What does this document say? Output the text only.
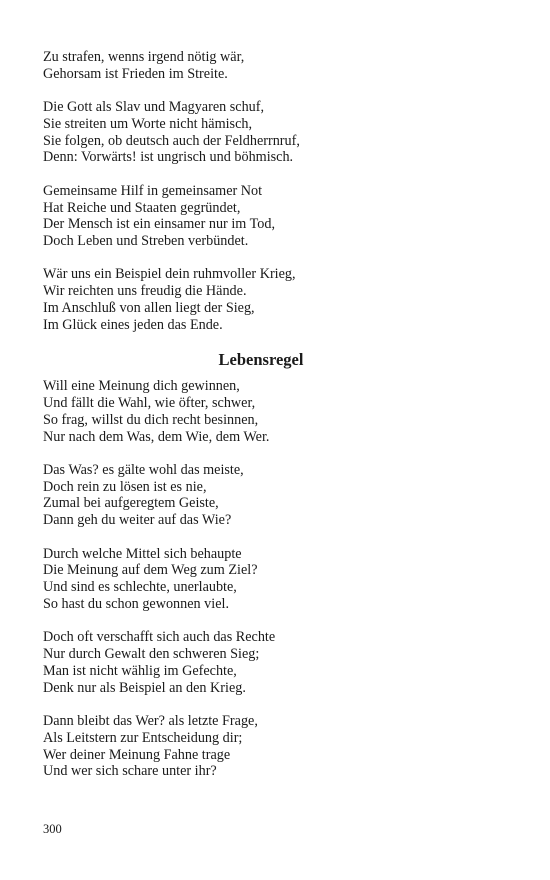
Zu strafen, wenns irgend nötig wär,
Gehorsam ist Frieden im Streite.
Die Gott als Slav und Magyaren schuf,
Sie streiten um Worte nicht hämisch,
Sie folgen, ob deutsch auch der Feldherrnruf,
Denn: Vorwärts! ist ungrisch und böhmisch.
Gemeinsame Hilf in gemeinsamer Not
Hat Reiche und Staaten gegründet,
Der Mensch ist ein einsamer nur im Tod,
Doch Leben und Streben verbündet.
Wär uns ein Beispiel dein ruhmvoller Krieg,
Wir reichten uns freudig die Hände.
Im Anschluß von allen liegt der Sieg,
Im Glück eines jeden das Ende.
Lebensregel
Will eine Meinung dich gewinnen,
Und fällt die Wahl, wie öfter, schwer,
So frag, willst du dich recht besinnen,
Nur nach dem Was, dem Wie, dem Wer.
Das Was? es gälte wohl das meiste,
Doch rein zu lösen ist es nie,
Zumal bei aufgeregtem Geiste,
Dann geh du weiter auf das Wie?
Durch welche Mittel sich behaupte
Die Meinung auf dem Weg zum Ziel?
Und sind es schlechte, unerlaubte,
So hast du schon gewonnen viel.
Doch oft verschafft sich auch das Rechte
Nur durch Gewalt den schweren Sieg;
Man ist nicht wählig im Gefechte,
Denk nur als Beispiel an den Krieg.
Dann bleibt das Wer? als letzte Frage,
Als Leitstern zur Entscheidung dir;
Wer deiner Meinung Fahne trage
Und wer sich schare unter ihr?
300
